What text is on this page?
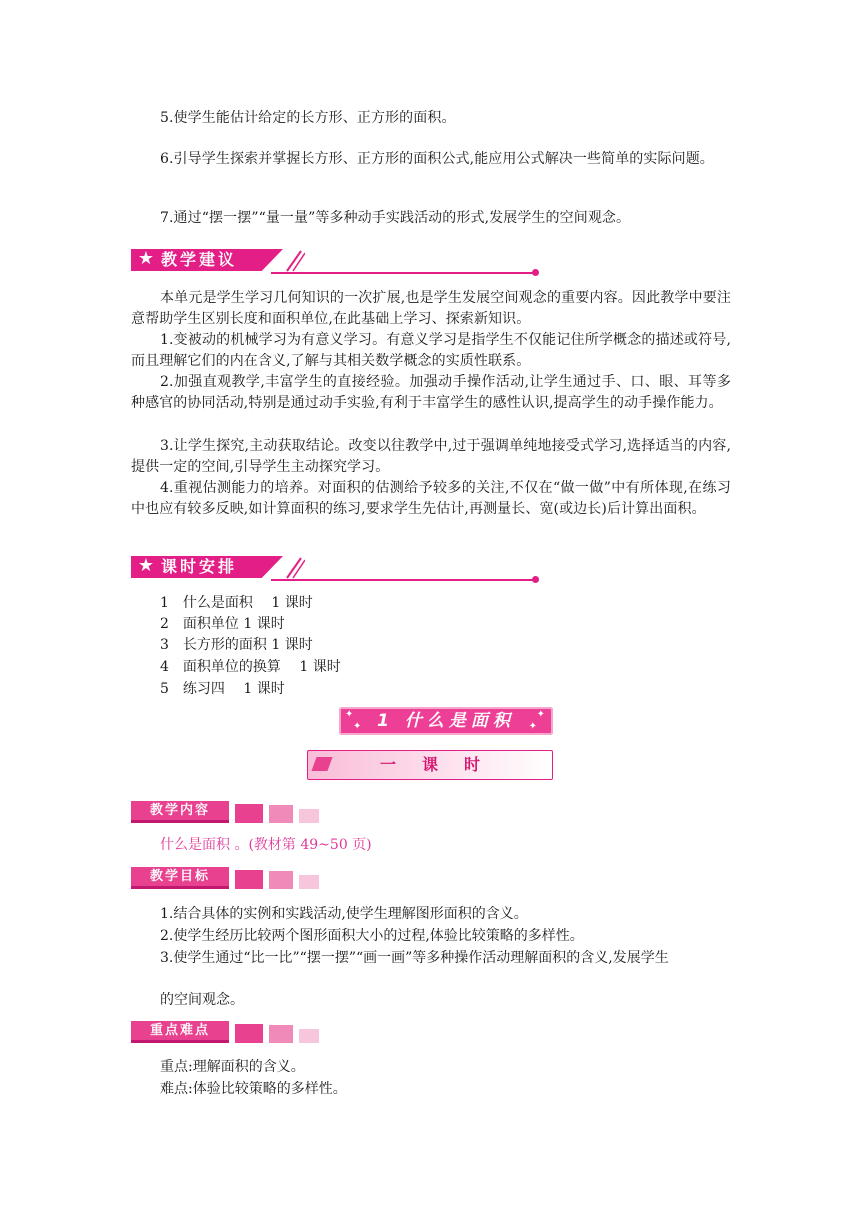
5.使学生能估计给定的长方形、正方形的面积。

6.引导学生探索并掌握长方形、正方形的面积公式,能应用公式解决一些简单的实际问题。

7.通过“摆一摆”“量一量”等多种动手实践活动的形式,发展学生的空间观念。

★ 教学建议

本单元是学生学习几何知识的一次扩展,也是学生发展空间观念的重要内容。因此教学中要注意帮助学生区别长度和面积单位,在此基础上学习、探索新知识。

1.变被动的机械学习为有意义学习。有意义学习是指学生不仅能记住所学概念的描述或符号,而且理解它们的内在含义,了解与其相关数学概念的实质性联系。

2.加强直观教学,丰富学生的直接经验。加强动手操作活动,让学生通过手、口、眼、耳等多种感官的协同活动,特别是通过动手实验,有利于丰富学生的感性认识,提高学生的动手操作能力。

3.让学生探究,主动获取结论。改变以往教学中,过于强调单纯地接受式学习,选择适当的内容,提供一定的空间,引导学生主动探究学习。

4.重视估测能力的培养。对面积的估测给予较多的关注,不仅在“做一做”中有所体现,在练习中也应有较多反映,如计算面积的练习,要求学生先估计,再测量长、宽(或边长)后计算出面积。

★ 课时安排
1　什么是面积　 1 课时
2　面积单位 1 课时
3　长方形的面积 1 课时
4　面积单位的换算　 1 课时
5　练习四　 1 课时
✦
✦
✦
✦
1 什么是面积
一课时
教学内容
什么是面积 。(教材第 49~50 页)
教学目标
1.结合具体的实例和实践活动,使学生理解图形面积的含义。
2.使学生经历比较两个图形面积大小的过程,体验比较策略的多样性。
3.使学生通过“比一比”“摆一摆”“画一画”等多种操作活动理解面积的含义,发展学生
的空间观念。
重点难点
重点:理解面积的含义。
难点:体验比较策略的多样性。
